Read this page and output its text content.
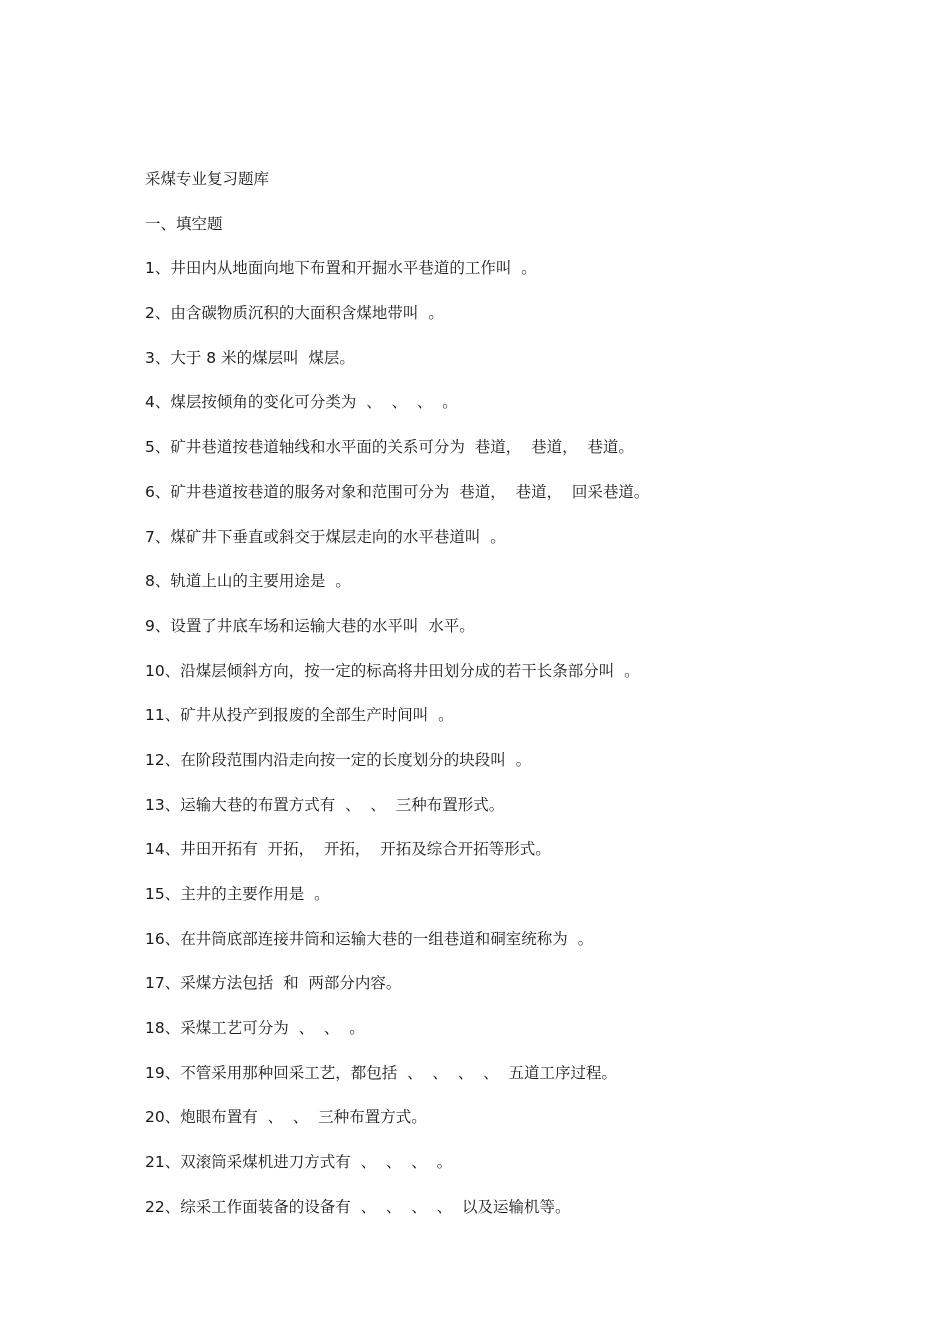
采煤专业复习题库
一、填空题
1、井田内从地面向地下布置和开掘水平巷道的工作叫  。
2、由含碳物质沉积的大面积含煤地带叫  。
3、大于 8 米的煤层叫  煤层。
4、煤层按倾角的变化可分类为  、  、  、  。
5、矿井巷道按巷道轴线和水平面的关系可分为  巷道，  巷道，  巷道。
6、矿井巷道按巷道的服务对象和范围可分为  巷道，  巷道，  回采巷道。
7、煤矿井下垂直或斜交于煤层走向的水平巷道叫  。
8、轨道上山的主要用途是  。
9、设置了井底车场和运输大巷的水平叫  水平。
10、沿煤层倾斜方向，按一定的标高将井田划分成的若干长条部分叫  。
11、矿井从投产到报废的全部生产时间叫  。
12、在阶段范围内沿走向按一定的长度划分的块段叫  。
13、运输大巷的布置方式有  、  、  三种布置形式。
14、井田开拓有  开拓，  开拓，  开拓及综合开拓等形式。
15、主井的主要作用是  。
16、在井筒底部连接井筒和运输大巷的一组巷道和硐室统称为  。
17、采煤方法包括  和  两部分内容。
18、采煤工艺可分为  、  、  。
19、不管采用那种回采工艺，都包括  、  、  、  、  五道工序过程。
20、炮眼布置有  、  、  三种布置方式。
21、双滚筒采煤机进刀方式有  、  、  、  。
22、综采工作面装备的设备有  、  、  、  、  以及运输机等。
